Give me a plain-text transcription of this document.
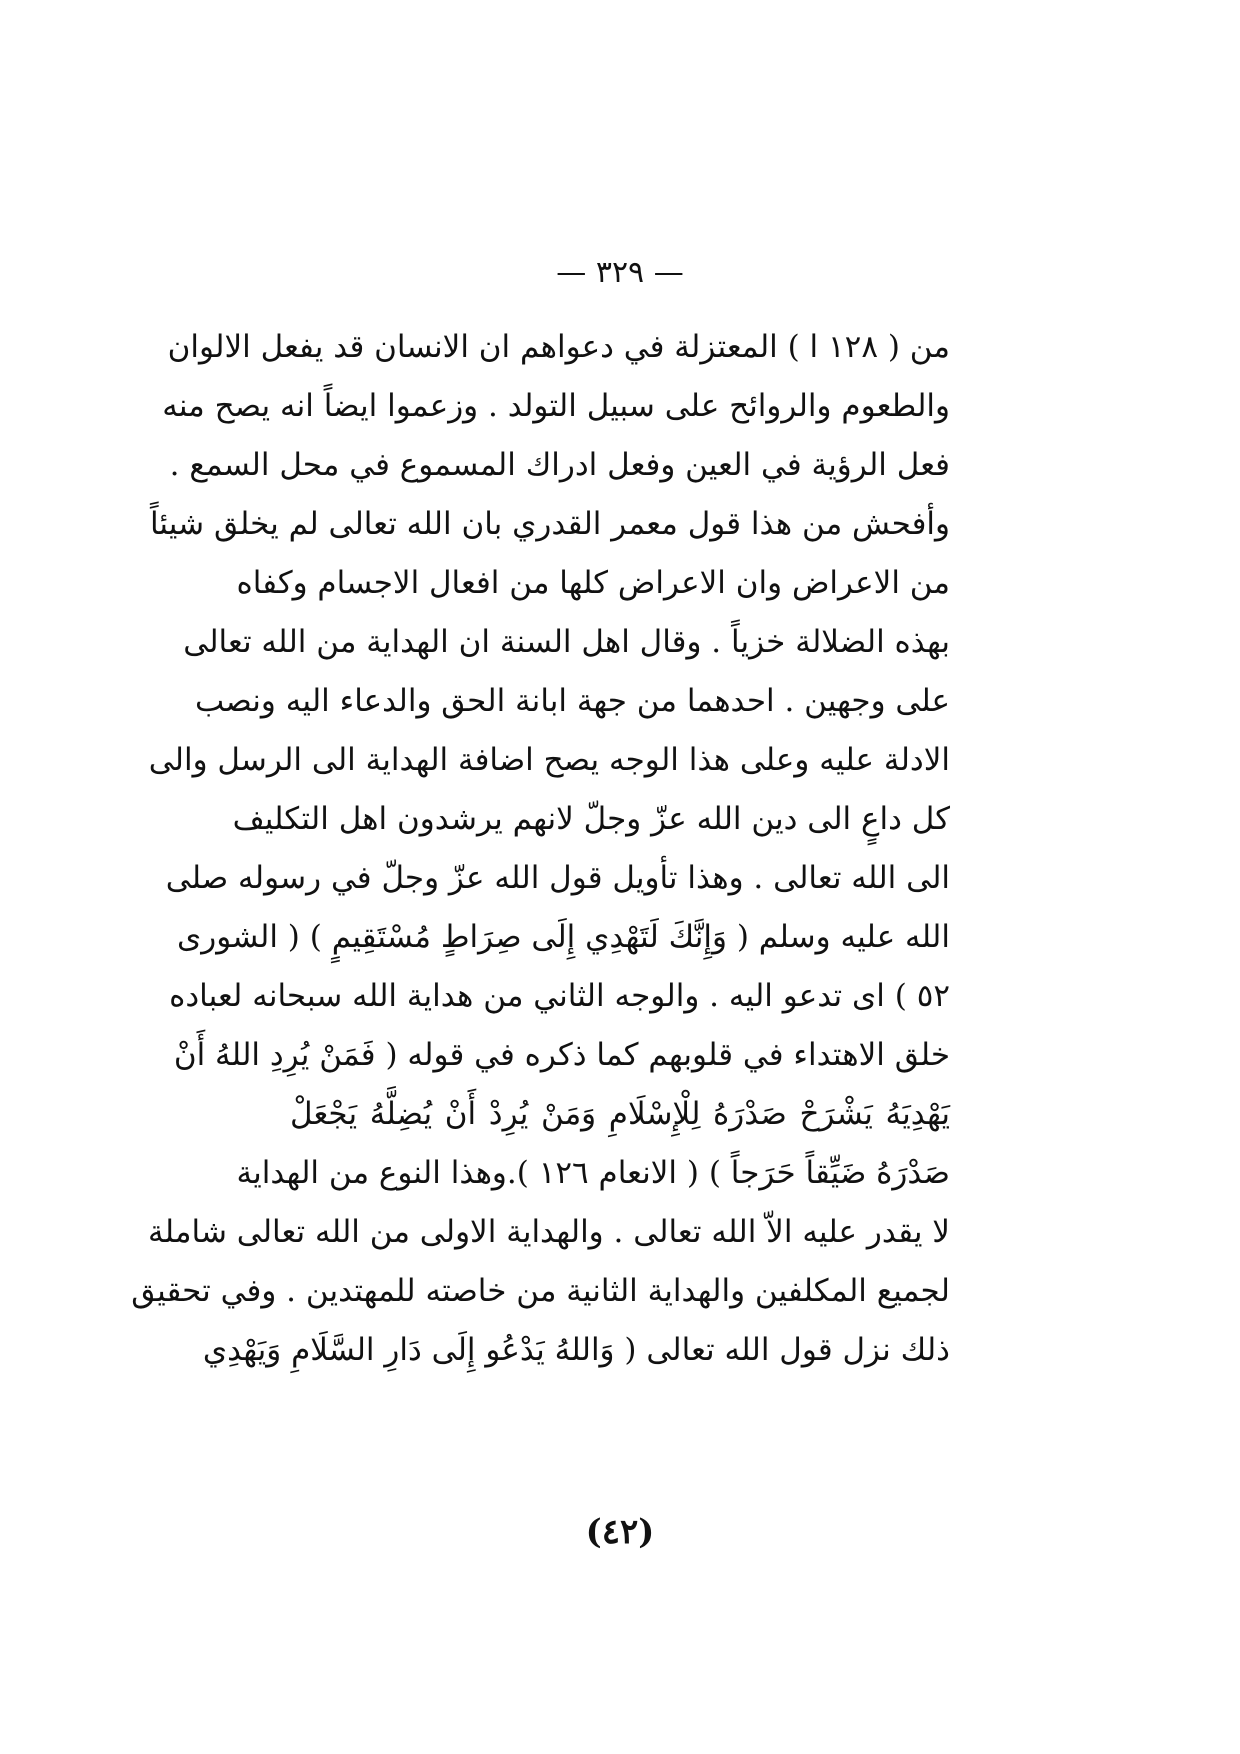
— ٣٢٩ —
من ( ١٢٨ ا ) المعتزلة في دعواهم ان الانسان قد يفعل الالوان
والطعوم والروائح على سبيل التولد . وزعموا ايضاً انه يصح منه
فعل الرؤية في العين وفعل ادراك المسموع في محل السمع .
وأفحش من هذا قول معمر القدري بان الله تعالى لم يخلق شيئاً
من الاعراض وان الاعراض كلها من افعال الاجسام وكفاه
بهذه الضلالة خزياً . وقال اهل السنة ان الهداية من الله تعالى
على وجهين . احدهما من جهة ابانة الحق والدعاء اليه ونصب
الادلة عليه وعلى هذا الوجه يصح اضافة الهداية الى الرسل والى
كل داعٍ الى دين الله عزّ وجلّ لانهم يرشدون اهل التكليف
الى الله تعالى . وهذا تأويل قول الله عزّ وجلّ في رسوله صلى
الله عليه وسلم ( وَإِنَّكَ لَتَهْدِي إِلَى صِرَاطٍ مُسْتَقِيمٍ ) ( الشورى
٥٢ ) اى تدعو اليه . والوجه الثاني من هداية الله سبحانه لعباده
خلق الاهتداء في قلوبهم كما ذكره في قوله ( فَمَنْ يُرِدِ اللهُ أَنْ
يَهْدِيَهُ يَشْرَحْ صَدْرَهُ لِلْإِسْلَامِ وَمَنْ يُرِدْ أَنْ يُضِلَّهُ يَجْعَلْ
صَدْرَهُ ضَيِّقاً حَرَجاً ) ( الانعام ١٢٦ ).وهذا النوع من الهداية
لا يقدر عليه الاّ الله تعالى . والهداية الاولى من الله تعالى شاملة
لجميع المكلفين والهداية الثانية من خاصته للمهتدين . وفي تحقيق
ذلك نزل قول الله تعالى ( وَاللهُ يَدْعُو إِلَى دَارِ السَّلَامِ وَيَهْدِي
(٤٢)
